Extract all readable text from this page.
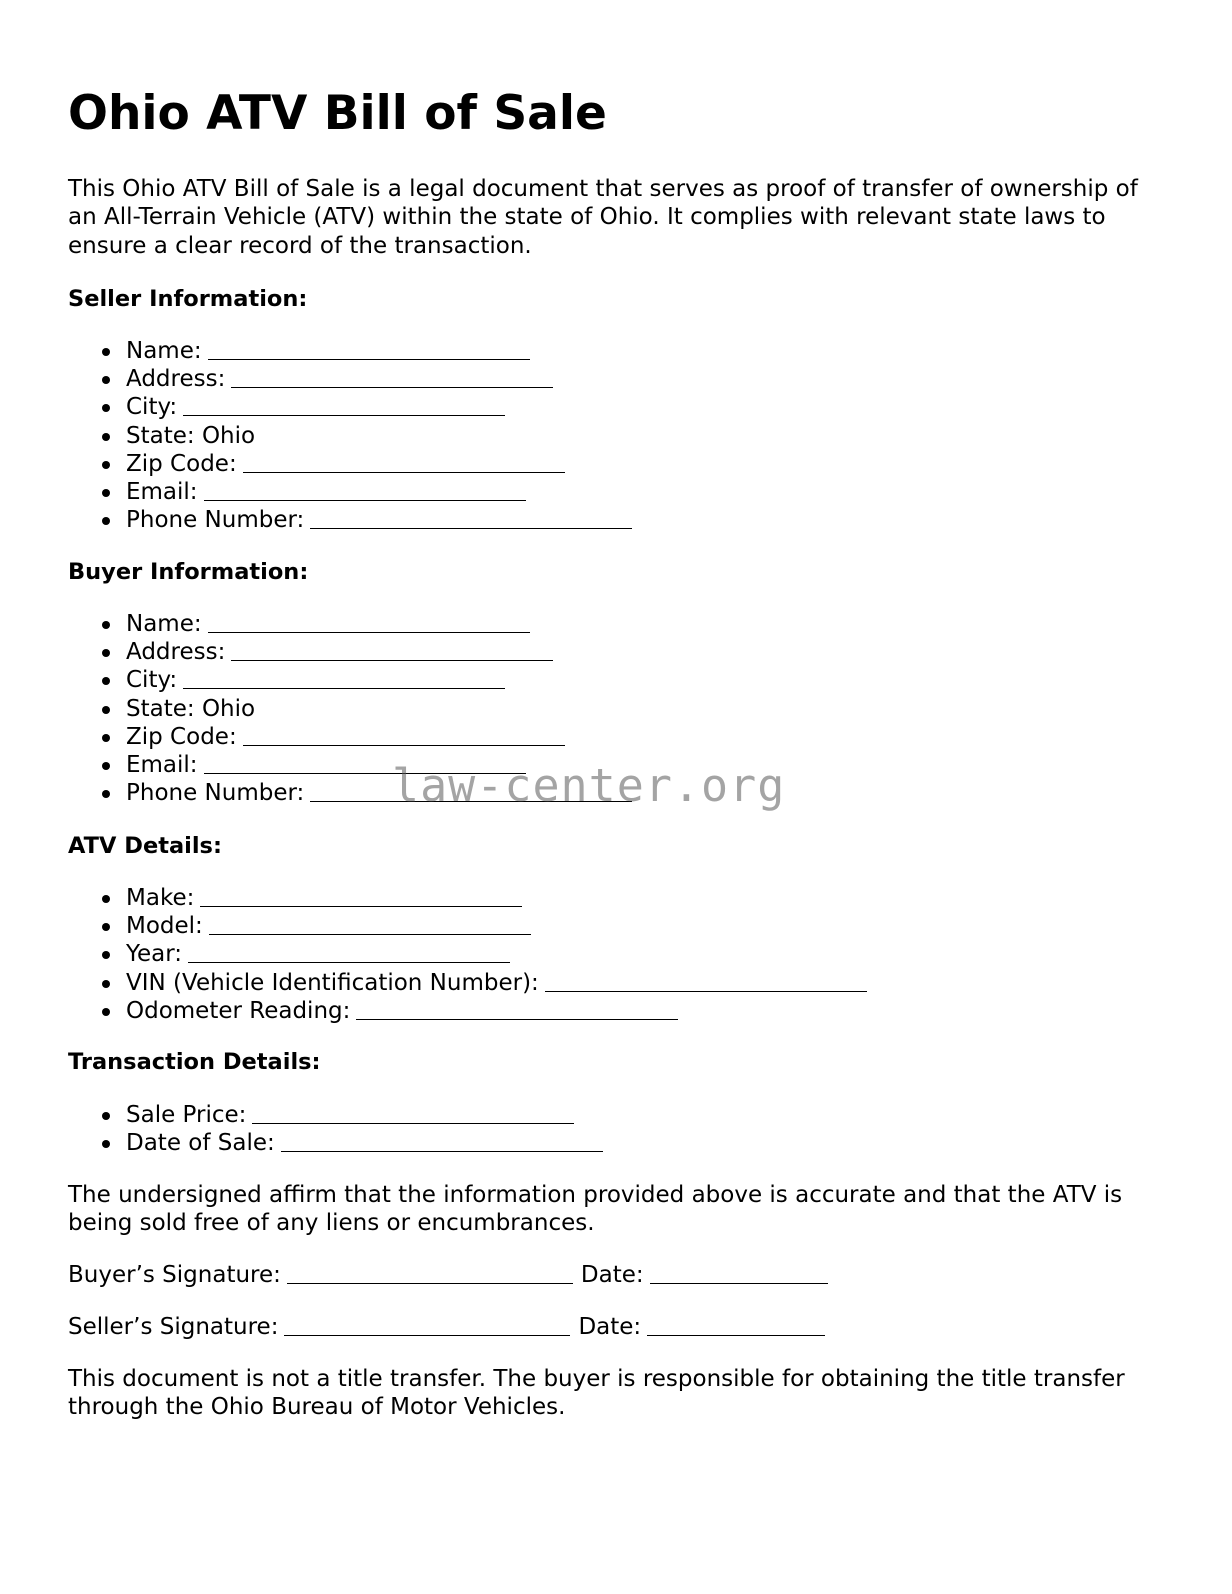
Ohio ATV Bill of Sale

This Ohio ATV Bill of Sale is a legal document that serves as proof of transfer of ownership of an All-Terrain Vehicle (ATV) within the state of Ohio. It complies with relevant state laws to ensure a clear record of the transaction.

Seller Information:

Name:
Address:
City:
State: Ohio
Zip Code:
Email:
Phone Number:

Buyer Information:

Name:
Address:
City:
State: Ohio
Zip Code:
Email:
Phone Number:

ATV Details:

Make:
Model:
Year:
VIN (Vehicle Identification Number):
Odometer Reading:

Transaction Details:

Sale Price:
Date of Sale:

The undersigned affirm that the information provided above is accurate and that the ATV is being sold free of any liens or encumbrances.

Buyer’s Signature:	Date:

Seller’s Signature:	Date:

This document is not a title transfer. The buyer is responsible for obtaining the title transfer through the Ohio Bureau of Motor Vehicles.

law-center.org
